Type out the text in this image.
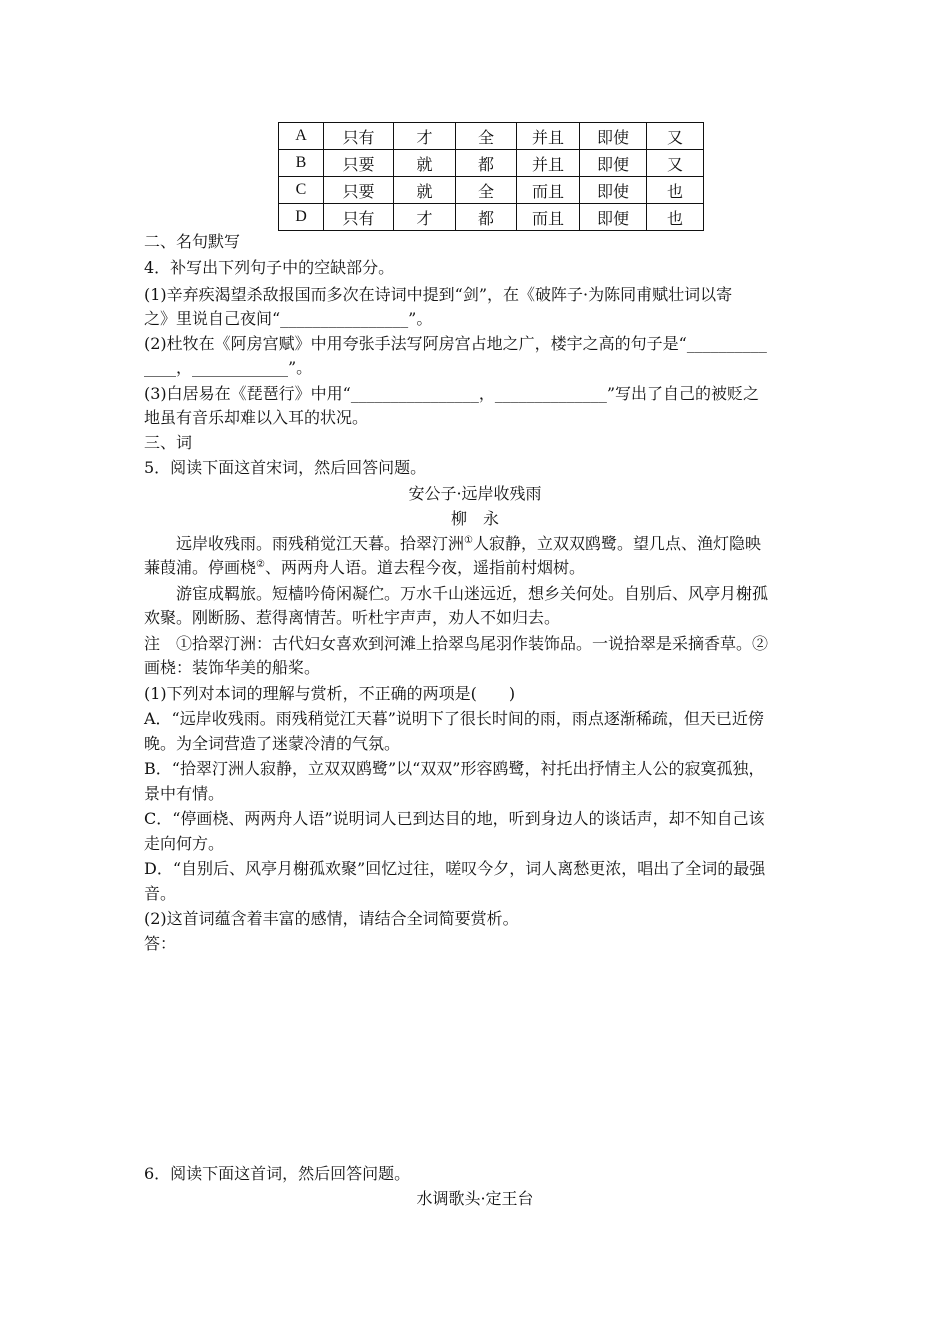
A	只有	才	全	并且	即使	又
B	只要	就	都	并且	即便	又
C	只要	就	全	而且	即使	也
D	只有	才	都	而且	即便	也
二、名句默写
4．补写出下列句子中的空缺部分。
(1)辛弃疾渴望杀敌报国而多次在诗词中提到“剑”，在《破阵子·为陈同甫赋壮词以寄
之》里说自己夜间“________________”。
(2)杜牧在《阿房宫赋》中用夸张手法写阿房宫占地之广，楼宇之高的句子是“__________
____，____________”。
(3)白居易在《琵琶行》中用“________________，______________”写出了自己的被贬之
地虽有音乐却难以入耳的状况。
三、词
5．阅读下面这首宋词，然后回答问题。
安公子·远岸收残雨
柳　永
远岸收残雨。雨残稍觉江天暮。拾翠汀洲①人寂静，立双双鸥鹭。望几点、渔灯隐映
蒹葭浦。停画桡②、两两舟人语。道去程今夜，遥指前村烟树。
游宦成羁旅。短樯吟倚闲凝伫。万水千山迷远近，想乡关何处。自别后、风亭月榭孤
欢聚。刚断肠、惹得离情苦。听杜宇声声，劝人不如归去。
注　①拾翠汀洲：古代妇女喜欢到河滩上拾翠鸟尾羽作装饰品。一说拾翠是采摘香草。②
画桡：装饰华美的船桨。
(1)下列对本词的理解与赏析，不正确的两项是(　　)
A．“远岸收残雨。雨残稍觉江天暮”说明下了很长时间的雨，雨点逐渐稀疏，但天已近傍
晚。为全词营造了迷蒙冷清的气氛。
B．“拾翠汀洲人寂静，立双双鸥鹭”以“双双”形容鸥鹭，衬托出抒情主人公的寂寞孤独，
景中有情。
C．“停画桡、两两舟人语”说明词人已到达目的地，听到身边人的谈话声，却不知自己该
走向何方。
D．“自别后、风亭月榭孤欢聚”回忆过往，嗟叹今夕，词人离愁更浓，唱出了全词的最强
音。
(2)这首词蕴含着丰富的感情，请结合全词简要赏析。
答：
6．阅读下面这首词，然后回答问题。
水调歌头·定王台
